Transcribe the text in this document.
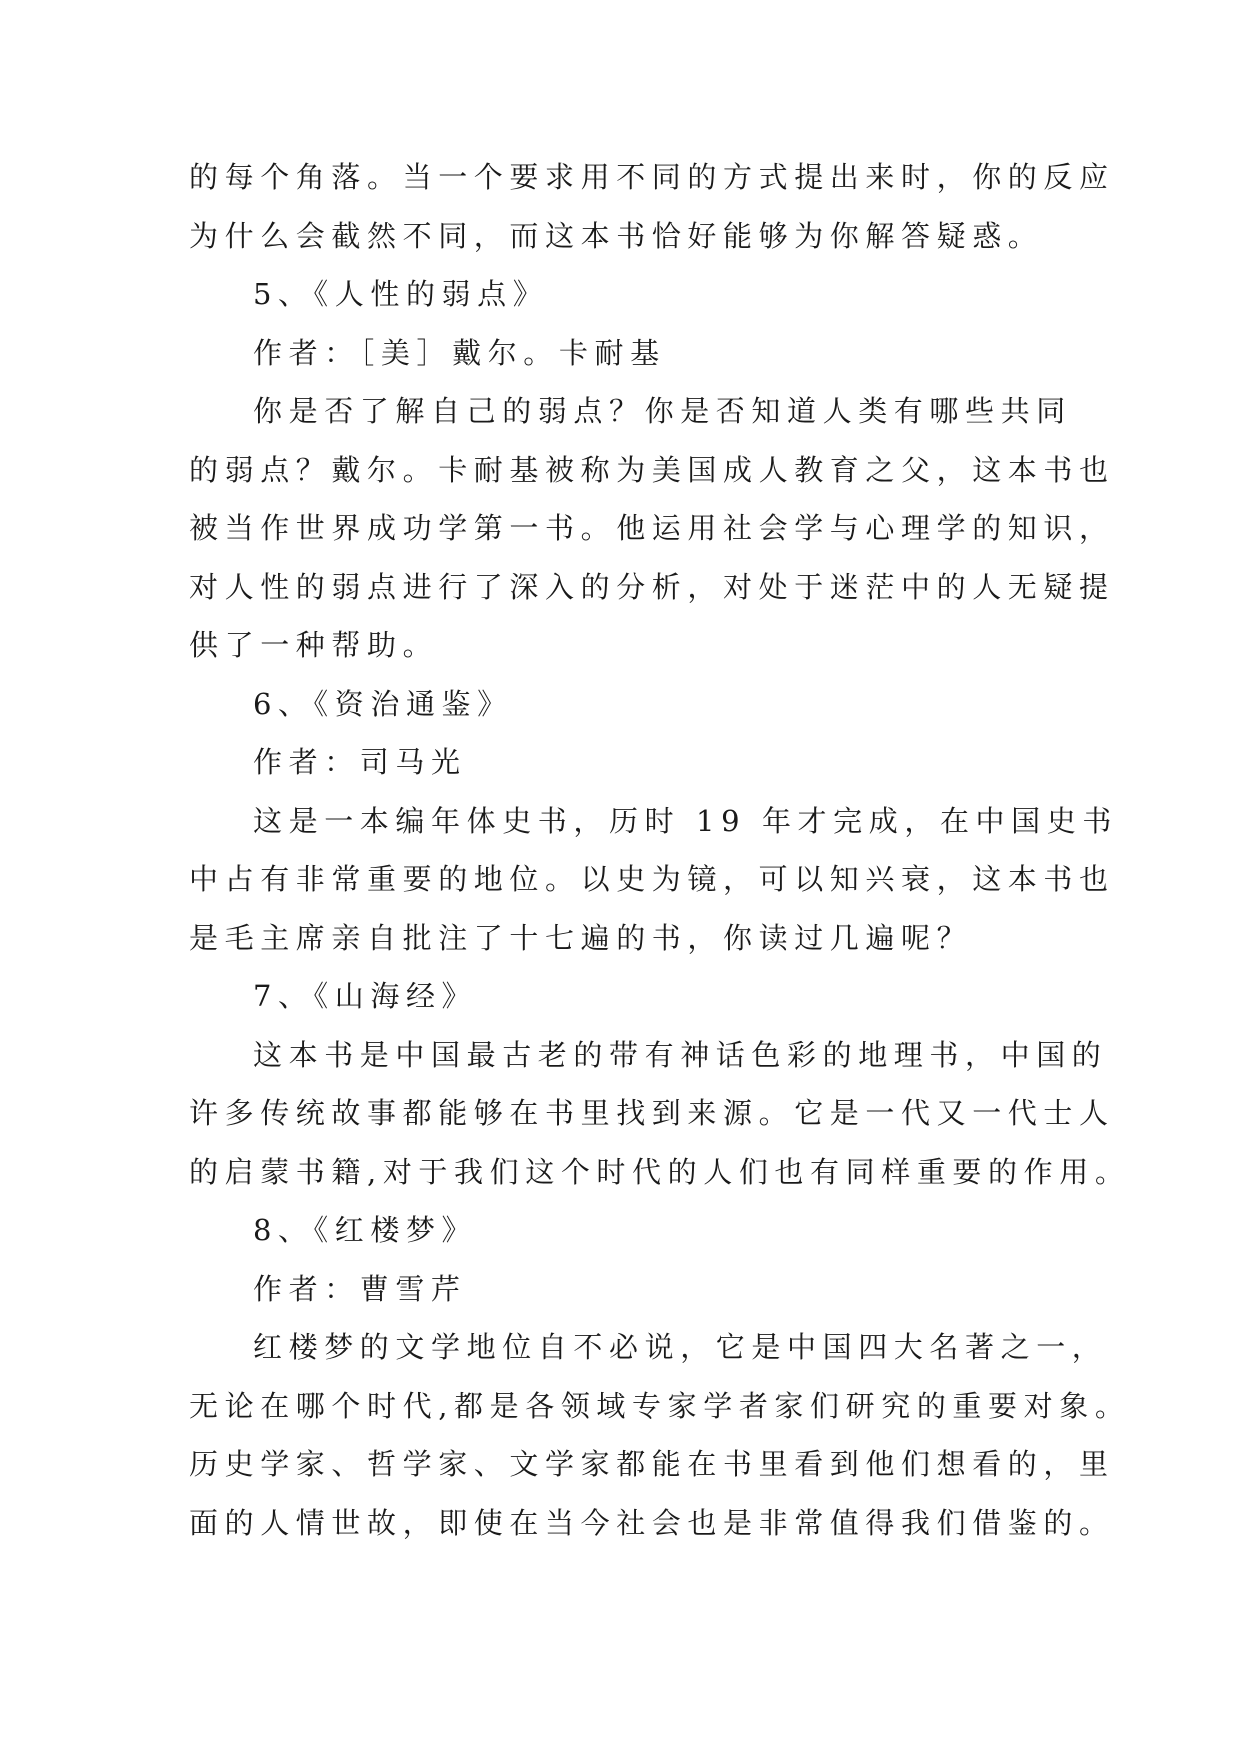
的每个角落。当一个要求用不同的方式提出来时，你的反应

为什么会截然不同，而这本书恰好能够为你解答疑惑。

5、《人性的弱点》

作者：［美］戴尔。卡耐基

你是否了解自己的弱点？你是否知道人类有哪些共同

的弱点？戴尔。卡耐基被称为美国成人教育之父，这本书也

被当作世界成功学第一书。他运用社会学与心理学的知识，

对人性的弱点进行了深入的分析，对处于迷茫中的人无疑提

供了一种帮助。

6、《资治通鉴》

作者：司马光

这是一本编年体史书，历时 19 年才完成，在中国史书

中占有非常重要的地位。以史为镜，可以知兴衰，这本书也

是毛主席亲自批注了十七遍的书，你读过几遍呢？

7、《山海经》

这本书是中国最古老的带有神话色彩的地理书，中国的

许多传统故事都能够在书里找到来源。它是一代又一代士人

的启蒙书籍,对于我们这个时代的人们也有同样重要的作用。

8、《红楼梦》

作者：曹雪芹

红楼梦的文学地位自不必说，它是中国四大名著之一，

无论在哪个时代,都是各领域专家学者家们研究的重要对象。

历史学家、哲学家、文学家都能在书里看到他们想看的，里

面的人情世故，即使在当今社会也是非常值得我们借鉴的。
